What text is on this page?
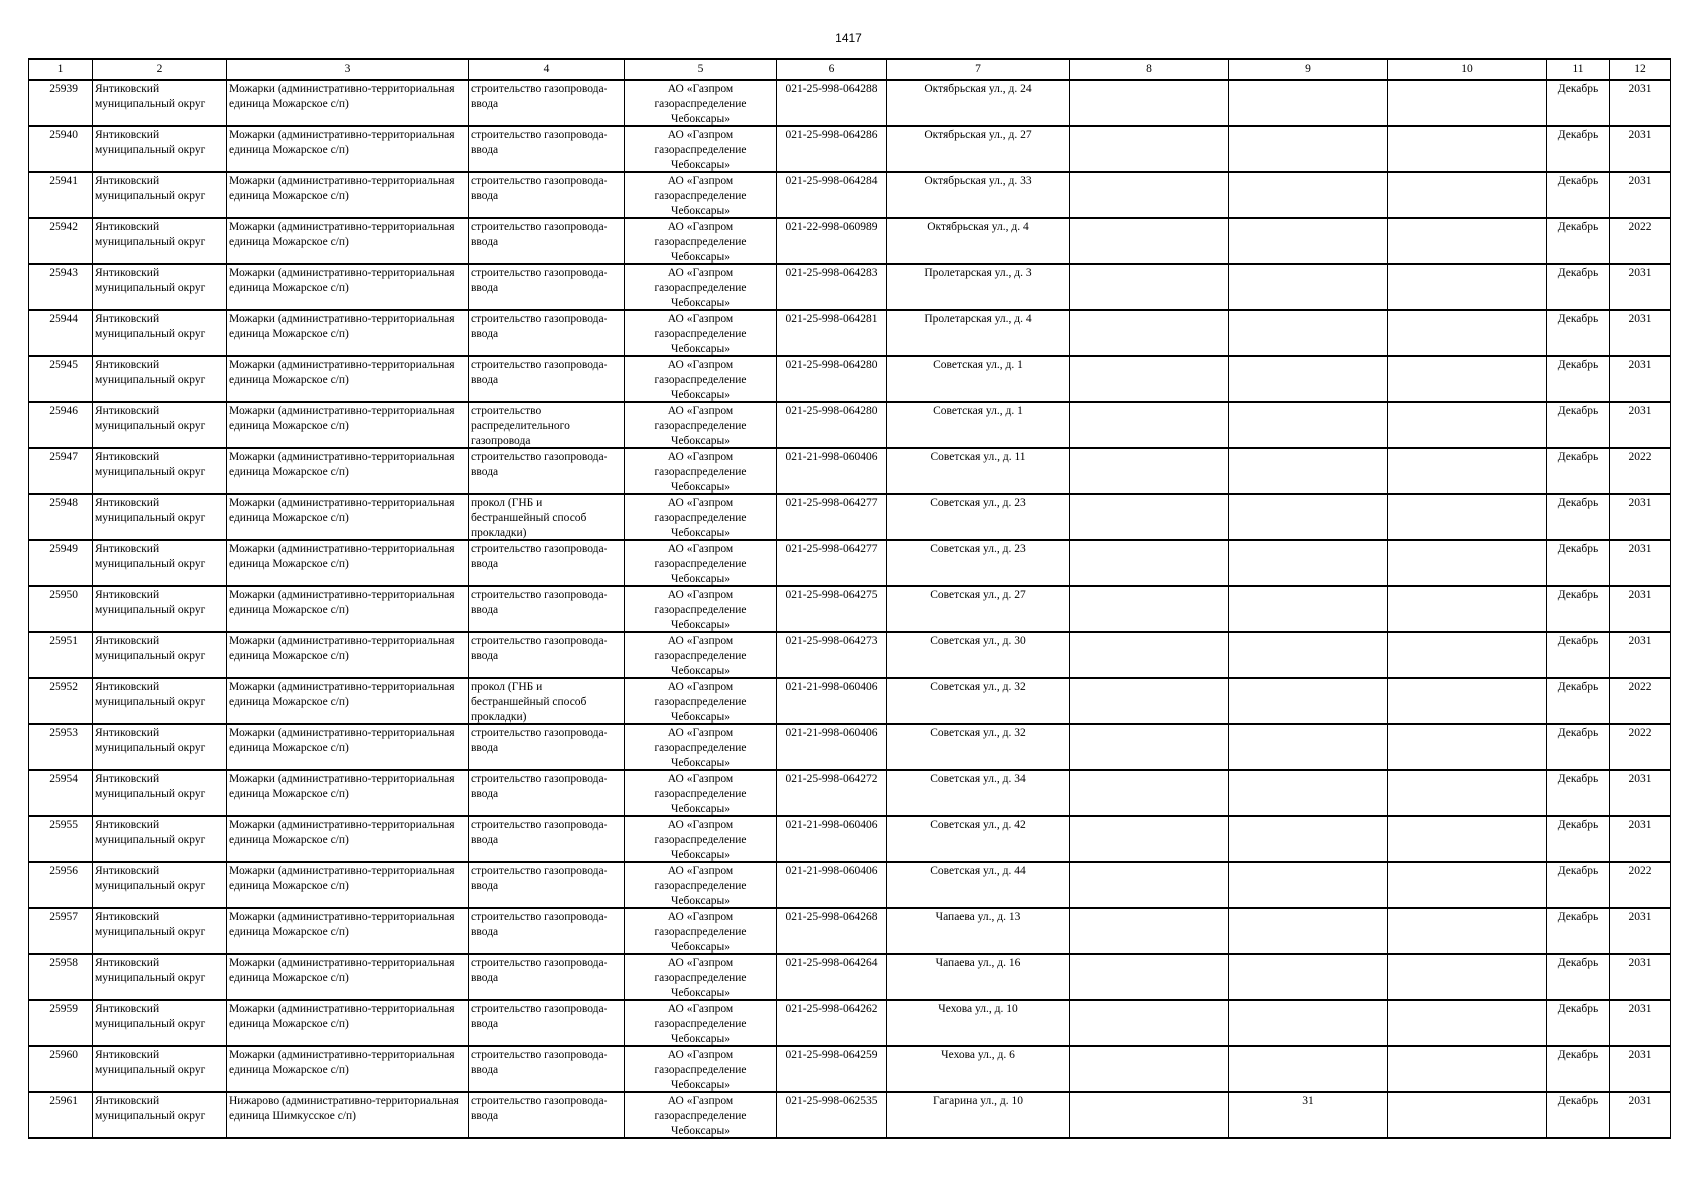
1417
1	2	3	4	5	6	7	8	9	10	11	12

25939	Янтиковский муниципальный округ	Можарки (административно-территориальная единица Можарское с/п)	строительство газопровода-ввода	АО «Газпром газораспределение Чебоксары»	021-25-998-064288	Октябрьская ул., д. 24				Декабрь	2031

25940	Янтиковский муниципальный округ	Можарки (административно-территориальная единица Можарское с/п)	строительство газопровода-ввода	АО «Газпром газораспределение Чебоксары»	021-25-998-064286	Октябрьская ул., д. 27				Декабрь	2031

25941	Янтиковский муниципальный округ	Можарки (административно-территориальная единица Можарское с/п)	строительство газопровода-ввода	АО «Газпром газораспределение Чебоксары»	021-25-998-064284	Октябрьская ул., д. 33				Декабрь	2031

25942	Янтиковский муниципальный округ	Можарки (административно-территориальная единица Можарское с/п)	строительство газопровода-ввода	АО «Газпром газораспределение Чебоксары»	021-22-998-060989	Октябрьская ул., д. 4				Декабрь	2022

25943	Янтиковский муниципальный округ	Можарки (административно-территориальная единица Можарское с/п)	строительство газопровода-ввода	АО «Газпром газораспределение Чебоксары»	021-25-998-064283	Пролетарская ул., д. 3				Декабрь	2031

25944	Янтиковский муниципальный округ	Можарки (административно-территориальная единица Можарское с/п)	строительство газопровода-ввода	АО «Газпром газораспределение Чебоксары»	021-25-998-064281	Пролетарская ул., д. 4				Декабрь	2031

25945	Янтиковский муниципальный округ	Можарки (административно-территориальная единица Можарское с/п)	строительство газопровода-ввода	АО «Газпром газораспределение Чебоксары»	021-25-998-064280	Советская ул., д. 1				Декабрь	2031

25946	Янтиковский муниципальный округ	Можарки (административно-территориальная единица Можарское с/п)	строительство распределительного газопровода	АО «Газпром газораспределение Чебоксары»	021-25-998-064280	Советская ул., д. 1				Декабрь	2031

25947	Янтиковский муниципальный округ	Можарки (административно-территориальная единица Можарское с/п)	строительство газопровода-ввода	АО «Газпром газораспределение Чебоксары»	021-21-998-060406	Советская ул., д. 11				Декабрь	2022

25948	Янтиковский муниципальный округ	Можарки (административно-территориальная единица Можарское с/п)	прокол (ГНБ и бестраншейный способ прокладки)	АО «Газпром газораспределение Чебоксары»	021-25-998-064277	Советская ул., д. 23				Декабрь	2031

25949	Янтиковский муниципальный округ	Можарки (административно-территориальная единица Можарское с/п)	строительство газопровода-ввода	АО «Газпром газораспределение Чебоксары»	021-25-998-064277	Советская ул., д. 23				Декабрь	2031

25950	Янтиковский муниципальный округ	Можарки (административно-территориальная единица Можарское с/п)	строительство газопровода-ввода	АО «Газпром газораспределение Чебоксары»	021-25-998-064275	Советская ул., д. 27				Декабрь	2031

25951	Янтиковский муниципальный округ	Можарки (административно-территориальная единица Можарское с/п)	строительство газопровода-ввода	АО «Газпром газораспределение Чебоксары»	021-25-998-064273	Советская ул., д. 30				Декабрь	2031

25952	Янтиковский муниципальный округ	Можарки (административно-территориальная единица Можарское с/п)	прокол (ГНБ и бестраншейный способ прокладки)	АО «Газпром газораспределение Чебоксары»	021-21-998-060406	Советская ул., д. 32				Декабрь	2022

25953	Янтиковский муниципальный округ	Можарки (административно-территориальная единица Можарское с/п)	строительство газопровода-ввода	АО «Газпром газораспределение Чебоксары»	021-21-998-060406	Советская ул., д. 32				Декабрь	2022

25954	Янтиковский муниципальный округ	Можарки (административно-территориальная единица Можарское с/п)	строительство газопровода-ввода	АО «Газпром газораспределение Чебоксары»	021-25-998-064272	Советская ул., д. 34				Декабрь	2031

25955	Янтиковский муниципальный округ	Можарки (административно-территориальная единица Можарское с/п)	строительство газопровода-ввода	АО «Газпром газораспределение Чебоксары»	021-21-998-060406	Советская ул., д. 42				Декабрь	2031

25956	Янтиковский муниципальный округ	Можарки (административно-территориальная единица Можарское с/п)	строительство газопровода-ввода	АО «Газпром газораспределение Чебоксары»	021-21-998-060406	Советская ул., д. 44				Декабрь	2022

25957	Янтиковский муниципальный округ	Можарки (административно-территориальная единица Можарское с/п)	строительство газопровода-ввода	АО «Газпром газораспределение Чебоксары»	021-25-998-064268	Чапаева ул., д. 13				Декабрь	2031

25958	Янтиковский муниципальный округ	Можарки (административно-территориальная единица Можарское с/п)	строительство газопровода-ввода	АО «Газпром газораспределение Чебоксары»	021-25-998-064264	Чапаева ул., д. 16				Декабрь	2031

25959	Янтиковский муниципальный округ	Можарки (административно-территориальная единица Можарское с/п)	строительство газопровода-ввода	АО «Газпром газораспределение Чебоксары»	021-25-998-064262	Чехова ул., д. 10				Декабрь	2031

25960	Янтиковский муниципальный округ	Можарки (административно-территориальная единица Можарское с/п)	строительство газопровода-ввода	АО «Газпром газораспределение Чебоксары»	021-25-998-064259	Чехова ул., д. 6				Декабрь	2031

25961	Янтиковский муниципальный округ	Нижарово (административно-территориальная единица Шимкусское с/п)	строительство газопровода-ввода	АО «Газпром газораспределение Чебоксары»	021-25-998-062535	Гагарина ул., д. 10		31		Декабрь	2031
